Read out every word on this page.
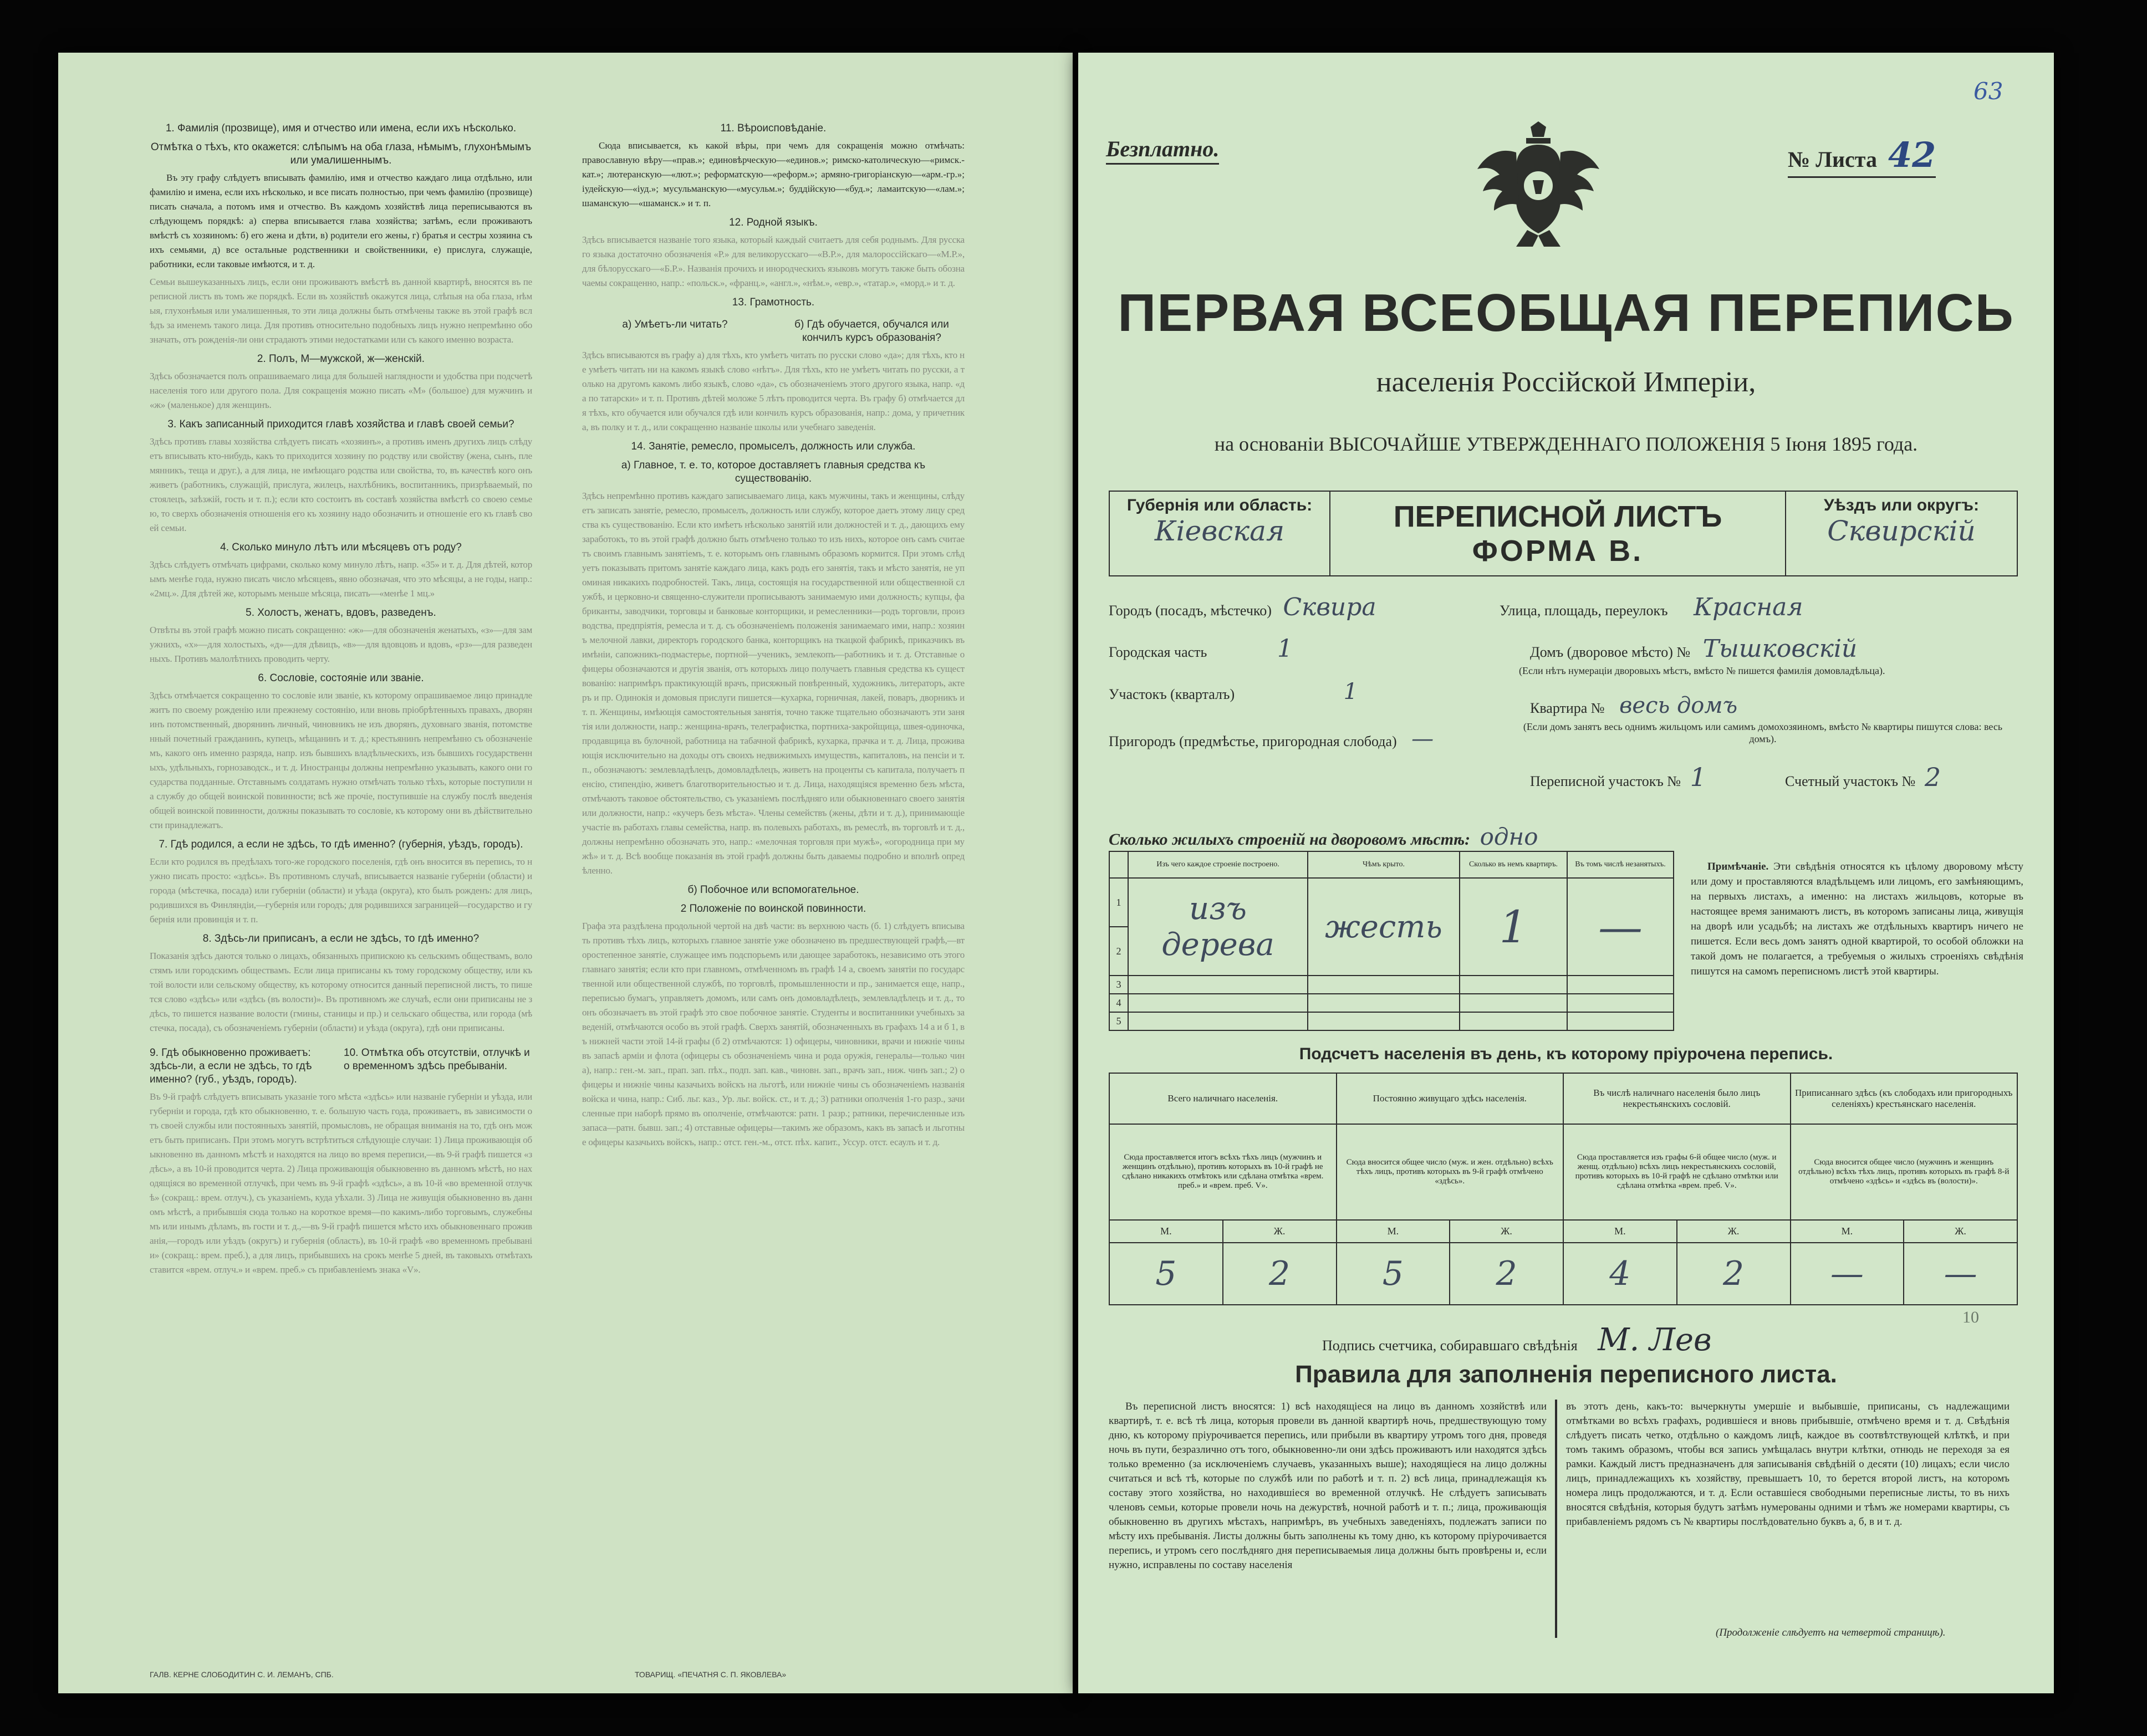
1. Фамилія (прозвище), имя и отчество или имена, если ихъ нѣсколько.
Отмѣтка о тѣхъ, кто окажется: слѣпымъ на оба глаза, нѣмымъ, глухонѣмымъ или умалишеннымъ.

Въ эту графу слѣдуетъ вписывать фамилію, имя и отчество каждаго лица отдѣльно, или фамилію и имена, если ихъ нѣсколько, и все писать полностью, при чемъ фамилію (прозвище) писать сначала, а потомъ имя и отчество. Въ каждомъ хозяйствѣ лица переписываются въ слѣдующемъ порядкѣ: а) сперва вписывается глава хозяйства; затѣмъ, если проживаютъ вмѣстѣ съ хозяиномъ: б) его жена и дѣти, в) родители его жены, г) братья и сестры хозяина съ ихъ семьями, д) все остальные родственники и свойственники, е) прислуга, служащіе, работники, если таковые имѣются, и т. д.

Семьи вышеуказанныхъ лицъ, если они проживаютъ вмѣстѣ въ данной квартирѣ, вносятся въ переписной листъ въ томъ же порядкѣ. Если въ хозяйствѣ окажутся лица, слѣпыя на оба глаза, нѣмыя, глухонѣмыя или умалишенныя, то эти лица должны быть отмѣчены также въ этой графѣ вслѣдъ за именемъ такого лица. Для противъ относительно подобныхъ лицъ нужно непремѣнно обозначать, отъ рожденія-ли они страдаютъ этими недостатками или съ какого именно возраста.
2. Полъ, М—мужской, ж—женскій.
Здѣсь обозначается полъ опрашиваемаго лица для большей наглядности и удобства при подсчетѣ населенія того или другого пола. Для сокращенія можно писать «М» (большое) для мужчинъ и «ж» (маленькое) для женщинъ.
3. Какъ записанный приходится главѣ хозяйства и главѣ своей семьи?
Здѣсь противъ главы хозяйства слѣдуетъ писать «хозяинъ», а противъ именъ другихъ лицъ слѣдуетъ вписывать кто-нибудь, какъ то приходится хозяину по родству или свойству (жена, сынъ, племянникъ, теща и друг.), а для лица, не имѣющаго родства или свойства, то, въ качествѣ кого онъ живетъ (работникъ, служащій, прислуга, жилецъ, нахлѣбникъ, воспитанникъ, призрѣваемый, постоялецъ, заѣзжій, гость и т. п.); если кто состоитъ въ составѣ хозяйства вмѣстѣ со своею семьею, то сверхъ обозначенія отношенія его къ хозяину надо обозначить и отношеніе его къ главѣ своей семьи.
4. Сколько минуло лѣтъ или мѣсяцевъ отъ роду?
Здѣсь слѣдуетъ отмѣчать цифрами, сколько кому минуло лѣтъ, напр. «35» и т. д. Для дѣтей, которымъ менѣе года, нужно писать число мѣсяцевъ, явно обозначая, что это мѣсяцы, а не годы, напр.: «2мц.». Для дѣтей же, которымъ меньше мѣсяца, писать—«менѣе 1 мц.»
5. Холостъ, женатъ, вдовъ, разведенъ.
Отвѣты въ этой графѣ можно писать сокращенно: «ж»—для обозначенія женатыхъ, «з»—для замужнихъ, «х»—для холостыхъ, «д»—для дѣвицъ, «в»—для вдовцовъ и вдовъ, «рз»—для разведенныхъ. Противъ малолѣтнихъ проводить черту.
6. Сословіе, состояніе или званіе.
Здѣсь отмѣчается сокращенно то сословіе или званіе, къ которому опрашиваемое лицо принадлежитъ по своему рожденію или прежнему состоянію, или вновь пріобрѣтенныхъ правахъ, дворянинъ потомственный, дворянинъ личный, чиновникъ не изъ дворянъ, духовнаго званія, потомственный почетный гражданинъ, купецъ, мѣщанинъ и т. д.; крестьянинъ непремѣнно съ обозначеніемъ, какого онъ именно разряда, напр. изъ бывшихъ владѣльческихъ, изъ бывшихъ государственныхъ, удѣльныхъ, горнозаводск., и т. д. Иностранцы должны непремѣнно указывать, какого они государства подданные. Отставнымъ солдатамъ нужно отмѣчать только тѣхъ, которые поступили на службу до общей воинской повинности; всѣ же прочіе, поступившіе на службу послѣ введенія общей воинской повинности, должны показывать то сословіе, къ которому они въ дѣйствительности принадлежатъ.
7. Гдѣ родился, а если не здѣсь, то гдѣ именно? (губернія, уѣздъ, городъ).
Если кто родился въ предѣлахъ того-же городского поселенія, гдѣ онъ вносится въ перепись, то нужно писать просто: «здѣсь». Въ противномъ случаѣ, вписывается названіе губерніи (области) и города (мѣстечка, посада) или губерніи (области) и уѣзда (округа), кто былъ рожденъ: для лицъ, родившихся въ Финляндіи,—губернія или городъ; для родившихся заграницей—государство и губернія или провинція и т. п.
8. Здѣсь-ли приписанъ, а если не здѣсь, то гдѣ именно?
Показанія здѣсь даются только о лицахъ, обязанныхъ припискою къ сельскимъ обществамъ, волостямъ или городскимъ обществамъ. Если лица приписаны къ тому городскому обществу, или къ той волости или сельскому обществу, къ которому относится данный переписной листъ, то пишется слово «здѣсь» или «здѣсь (въ волости)». Въ противномъ же случаѣ, если они приписаны не здѣсь, то пишется название волости (гмины, станицы и пр.) и сельскаго общества, или города (мѣстечка, посада), съ обозначеніемъ губерніи (области) и уѣзда (округа), гдѣ они приписаны.
9. Гдѣ обыкновенно проживаетъ: здѣсь-ли, а если не здѣсь, то гдѣ именно? (губ., уѣздъ, городъ).
10. Отмѣтка объ отсутствіи, отлучкѣ и о временномъ здѣсь пребываніи.
Въ 9-й графѣ слѣдуетъ вписывать указаніе того мѣста «здѣсь» или названіе губерніи и уѣзда, или губерніи и города, гдѣ кто обыкновенно, т. е. большую часть года, проживаетъ, въ зависимости отъ своей службы или постоянныхъ занятій, промысловъ, не обращая вниманія на то, гдѣ онъ можетъ быть приписанъ. При этомъ могутъ встрѣтиться слѣдующіе случаи: 1) Лица проживающія обыкновенно въ данномъ мѣстѣ и находятся на лицо во время переписи,—въ 9-й графѣ пишется «здѣсь», а въ 10-й проводится черта. 2) Лица проживающія обыкновенно въ данномъ мѣстѣ, но находящіяся во временной отлучкѣ, при чемъ въ 9-й графѣ «здѣсь», а въ 10-й «во временной отлучкѣ» (сокращ.: врем. отлуч.), съ указаніемъ, куда уѣхали. 3) Лица не живущія обыкновенно въ данномъ мѣстѣ, а прибывшія сюда только на короткое время—по какимъ-либо торговымъ, служебнымъ или инымъ дѣламъ, въ гости и т. д.,—въ 9-й графѣ пишется мѣсто ихъ обыкновеннаго проживанія,—городъ или уѣздъ (округъ) и губернія (область), въ 10-й графѣ «во временномъ пребываніи» (сокращ.: врем. преб.), а для лицъ, прибывшихъ на срокъ менѣе 5 дней, въ таковыхъ отмѣтахъ ставится «врем. отлуч.» и «врем. преб.» съ прибавленіемъ знака «V».
11. Вѣроисповѣданіе.

Сюда вписывается, къ какой вѣры, при чемъ для сокращенія можно отмѣчать: православную вѣру—«прав.»; единовѣрческую—«единов.»; римско-католическую—«римск.-кат.»; лютеранскую—«лют.»; реформатскую—«реформ.»; армяно-григоріанскую—«арм.-гр.»; іудейскую—«іуд.»; мусульманскую—«мусульм.»; буддійскую—«буд.»; ламаитскую—«лам.»; шаманскую—«шаманск.» и т. п.

12. Родной языкъ.
Здѣсь вписывается названіе того языка, который каждый считаетъ для себя роднымъ. Для русскаго языка достаточно обозначенія «Р.» для великорусскаго—«В.Р.», для малороссійскаго—«М.Р.», для бѣлорусскаго—«Б.Р.». Названія прочихъ и инородческихъ языковъ могутъ также быть обозначаемы сокращенно, напр.: «польск.», «франц.», «англ.», «нѣм.», «евр.», «татар.», «морд.» и т. д.
13. Грамотность.
а) Умѣетъ-ли читать?	б) Гдѣ обучается, обучался или кончилъ курсъ образованія?
Здѣсь вписываются въ графу а) для тѣхъ, кто умѣетъ читать по русски слово «да»; для тѣхъ, кто не умѣетъ читать ни на какомъ языкѣ слово «нѣтъ». Для тѣхъ, кто не умѣетъ читать по русски, а только на другомъ какомъ либо языкѣ, слово «да», съ обозначеніемъ этого другого языка, напр. «да по татарски» и т. п. Противъ дѣтей моложе 5 лѣтъ проводится черта. Въ графу б) отмѣчается для тѣхъ, кто обучается или обучался гдѣ или кончилъ курсъ образованія, напр.: дома, у причетника, въ полку и т. д., или сокращенно названіе школы или учебнаго заведенія.
14. Занятіе, ремесло, промыселъ, должность или служба.
а) Главное, т. е. то, которое доставляетъ главныя средства къ существованію.
Здѣсь непремѣнно противъ каждаго записываемаго лица, какъ мужчины, такъ и женщины, слѣдуетъ записать занятіе, ремесло, промыселъ, должность или службу, которое даетъ этому лицу средства къ существованію. Если кто имѣетъ нѣсколько занятій или должностей и т. д., дающихъ ему заработокъ, то въ этой графѣ должно быть отмѣчено только то изъ нихъ, которое онъ самъ считаетъ своимъ главнымъ занятіемъ, т. е. которымъ онъ главнымъ образомъ кормится. При этомъ слѣдуетъ показывать притомъ занятіе каждаго лица, какъ родъ его занятія, такъ и мѣсто занятія, не упоминая никакихъ подробностей. Такъ, лица, состоящія на государственной или общественной службѣ, и церковно-и священно-служители прописываютъ занимаемую ими должность; купцы, фабриканты, заводчики, торговцы и банковые конторщики, и ремесленники—родъ торговли, производства, предпріятія, ремесла и т. д. съ обозначеніемъ положенія занимаемаго ими, напр.: хозяинъ мелочной лавки, директоръ городского банка, конторщикъ на ткацкой фабрикѣ, приказчикъ въ имѣніи, сапожникъ-подмастерье, портной—ученикъ, землекопъ—работникъ и т. д. Отставные офицеры обозначаются и другія званія, отъ которыхъ лицо получаетъ главныя средства къ существованію: напримѣръ практикующій врачъ, присяжный повѣренный, художникъ, литераторъ, актеръ и пр. Одинокія и домовыя прислуги пишется—кухарка, горничная, лакей, поваръ, дворникъ и т. п. Женщины, имѣющія самостоятельныя занятія, точно также тщательно обозначаютъ эти занятія или должности, напр.: женщина-врачъ, телеграфистка, портниха-закройщица, швея-одиночка, продавщица въ булочной, работница на табачной фабрикѣ, кухарка, прачка и т. д. Лица, проживающія исключительно на доходы отъ своихъ недвижимыхъ имуществъ, капиталовъ, на пенсіи и т. п., обозначаютъ: землевладѣлецъ, домовладѣлецъ, живетъ на проценты съ капитала, получаетъ пенсію, стипендію, живетъ благотворительностью и т. д. Лица, находящіяся временно безъ мѣста, отмѣчаютъ таковое обстоятельство, съ указаніемъ послѣдняго или обыкновеннаго своего занятія или должности, напр.: «кучеръ безъ мѣста». Члены семействъ (жены, дѣти и т. д.), принимающіе участіе въ работахъ главы семейства, напр. въ полевыхъ работахъ, въ ремеслѣ, въ торговлѣ и т. д., должны непремѣнно обозначать это, напр.: «мелочная торговля при мужѣ», «огородница при мужѣ» и т. д. Всѣ вообще показанія въ этой графѣ должны быть даваемы подробно и вполнѣ опредѣленно.
б) Побочное или вспомогательное.
2 Положеніе по воинской повинности.
Графа эта раздѣлена продольной чертой на двѣ части: въ верхнюю часть (б. 1) слѣдуетъ вписывать противъ тѣхъ лицъ, которыхъ главное занятіе уже обозначено въ предшествующей графѣ,—второстепенное занятіе, служащее имъ подспорьемъ или дающее заработокъ, независимо отъ этого главнаго занятія; если кто при главномъ, отмѣченномъ въ графѣ 14 а, своемъ занятіи по государственной или общественной службѣ, по торговлѣ, промышленности и пр., занимается еще, напр., переписью бумагъ, управляетъ домомъ, или самъ онъ домовладѣлецъ, землевладѣлецъ и т. д., то онъ обозначаетъ въ этой графѣ это свое побочное занятіе. Студенты и воспитанники учебныхъ заведеній, отмѣчаются особо въ этой графѣ. Сверхъ занятій, обозначенныхъ въ графахъ 14 а и б 1, въ нижней части этой 14-й графы (б 2) отмѣчаются: 1) офицеры, чиновники, врачи и нижніе чины въ запасѣ арміи и флота (офицеры съ обозначеніемъ чина и рода оружія, генералы—только чина), напр.: ген.-м. зап., прап. зап. пѣх., подп. зап. кав., чиновн. зап., врачъ зап., ниж. чинъ зап.; 2) офицеры и нижніе чины казачьихъ войскъ на льготѣ, или нижніе чины съ обозначеніемъ названія войска и чина, напр.: Сиб. льг. каз., Ур. льг. войск. ст., и т. д.; 3) ратники ополченія 1-го разр., зачисленные при наборѣ прямо въ ополченіе, отмѣчаются: ратн. 1 разр.; ратники, перечисленные изъ запаса—ратн. бывш. зап.; 4) отставные офицеры—такимъ же образомъ, какъ въ запасѣ и льготные офицеры казачьихъ войскъ, напр.: отст. ген.-м., отст. пѣх. капит., Уссур. отст. есаулъ и т. д.
ГАЛВ. КЕРНЕ СЛОБОДИТИН С. И. ЛЕМАНЪ, СПБ.	ТОВАРИЩ. «ПЕЧАТНЯ С. П. ЯКОВЛЕВА»
Безплатно.	№ Листа 42
63
ПЕРВАЯ ВСЕОБЩАЯ ПЕРЕПИСЬ
населенія Россійской Имперіи,
на основаніи ВЫСОЧАЙШЕ УТВЕРЖДЕННАГО ПОЛОЖЕНІЯ 5 Іюня 1895 года.
Губернія или область:
Кіевская	ПЕРЕПИСНОЙ ЛИСТЪ
ФОРМА В.

Уѣздъ или округъ:
Сквирскій
Городъ (посадъ, мѣстечко) Сквира
Городская часть	1
Участокъ (кварталъ)	1
Пригородъ (предмѣстье, пригородная слобода) —
Улица, площадь, переулокъ Красная
Домъ (дворовое мѣсто) № Тышковскій
(Если нѣтъ нумераціи дворовыхъ мѣстъ, вмѣсто № пишется фамилія домовладѣльца).
Квартира № весь домъ
(Если домъ занятъ весь однимъ жильцомъ или самимъ домохозяиномъ, вмѣсто № квартиры пишутся слова: весь домъ).
Переписной участокъ № 1	Счетный участокъ № 2
Сколько жилыхъ строеній на дворовомъ мѣстѣ: одно
	Изъ чего каждое строеніе построено.	Чѣмъ крыто.	Сколько въ немъ квартиръ.	Въ томъ числѣ незанятыхъ.
1	изъ дерева	жесть	1	—
2				
3				
4				
5				
Примѣчаніе. Эти свѣдѣнія относятся къ цѣлому дворовому мѣсту или дому и проставляются владѣльцемъ или лицомъ, его замѣняющимъ, на первыхъ листахъ, а именно: на листахъ жильцовъ, которые въ настоящее время занимаютъ листъ, въ которомъ записаны лица, живущія на дворѣ или усадьбѣ; на листахъ же отдѣльныхъ квартиръ ничего не пишется. Если весь домъ занятъ одной квартирой, то особой обложки на такой домъ не полагается, а требуемыя о жилыхъ строеніяхъ свѣдѣнія пишутся на самомъ переписномъ листѣ этой квартиры.
Подсчетъ населенія въ день, къ которому пріурочена перепись.
Всего наличнаго населенія.		Постоянно живущаго здѣсь населенія.		Въ числѣ наличнаго населенія было лицъ некрестьянскихъ сословій.		Приписаннаго здѣсь (къ слободахъ или пригородныхъ селеніяхъ) крестьянскаго населенія.	
Сюда проставляется итогъ всѣхъ тѣхъ лицъ (мужчинъ и женщинъ отдѣльно), противъ которыхъ въ 10-й графѣ не сдѣлано никакихъ отмѣтокъ или сдѣлана отмѣтка «врем. преб.» и «врем. преб. V».		Сюда вносится общее число (муж. и жен. отдѣльно) всѣхъ тѣхъ лицъ, противъ которыхъ въ 9-й графѣ отмѣчено «здѣсь».		Сюда проставляется изъ графы 6-й общее число (муж. и женщ. отдѣльно) всѣхъ лицъ некрестьянскихъ сословій, противъ которыхъ въ 10-й графѣ не сдѣлано отмѣтки или сдѣлана отмѣтка «врем. преб. V».		Сюда вносится общее число (мужчинъ и женщинъ отдѣльно) всѣхъ тѣхъ лицъ, противъ которыхъ въ графѣ 8-й отмѣчено «здѣсь» и «здѣсь въ (волости)».	
М.	Ж.	М.	Ж.	М.	Ж.	М.	Ж.
5	2	5	2	4	2	—	—
Подпись счетчика, собиравшаго свѣдѣнія М. Лев
Правила для заполненія переписного листа.
Въ переписной листъ вносятся: 1) всѣ находящіеся на лицо въ данномъ хозяйствѣ или квартирѣ, т. е. всѣ тѣ лица, которыя провели въ данной квартирѣ ночь, предшествующую тому дню, къ которому пріурочивается перепись, или прибыли въ квартиру утромъ того дня, проведя ночь въ пути, безразлично отъ того, обыкновенно-ли они здѣсь проживаютъ или находятся здѣсь только временно (за исключеніемъ случаевъ, указанныхъ выше); находящіеся на лицо должны считаться и всѣ тѣ, которые по службѣ или по работѣ и т. п. 2) всѣ лица, принадлежащія къ составу этого хозяйства, но находившіеся во временной отлучкѣ. Не слѣдуетъ записывать членовъ семьи, которые провели ночь на дежурствѣ, ночной работѣ и т. п.; лица, проживающія обыкновенно въ другихъ мѣстахъ, напримѣръ, въ учебныхъ заведеніяхъ, подлежатъ записи по мѣсту ихъ пребыванія. Листы должны быть заполнены къ тому дню, къ которому пріурочивается перепись, и утромъ сего послѣдняго дня переписываемыя лица должны быть провѣрены и, если нужно, исправлены по составу населенія
въ этотъ день, какъ-то: вычеркнуты умершіе и выбывшіе, приписаны, съ надлежащими отмѣтками во всѣхъ графахъ, родившіеся и вновь прибывшіе, отмѣчено время и т. д. Свѣдѣнія слѣдуетъ писать четко, отдѣльно о каждомъ лицѣ, каждое въ соотвѣтствующей клѣткѣ, и при томъ такимъ образомъ, чтобы вся запись умѣщалась внутри клѣтки, отнюдь не переходя за ея рамки. Каждый листъ предназначенъ для записыванія свѣдѣній о десяти (10) лицахъ; если число лицъ, принадлежащихъ къ хозяйству, превышаетъ 10, то берется второй листъ, на которомъ номера лицъ продолжаются, и т. д. Если оставшіеся свободными переписные листы, то въ нихъ вносятся свѣдѣнія, которыя будутъ затѣмъ нумерованы одними и тѣмъ же номерами квартиры, съ прибавленіемъ рядомъ съ № квартиры послѣдовательно буквъ а, б, в и т. д.
(Продолженіе слѣдуетъ на четвертой страницѣ).
10
